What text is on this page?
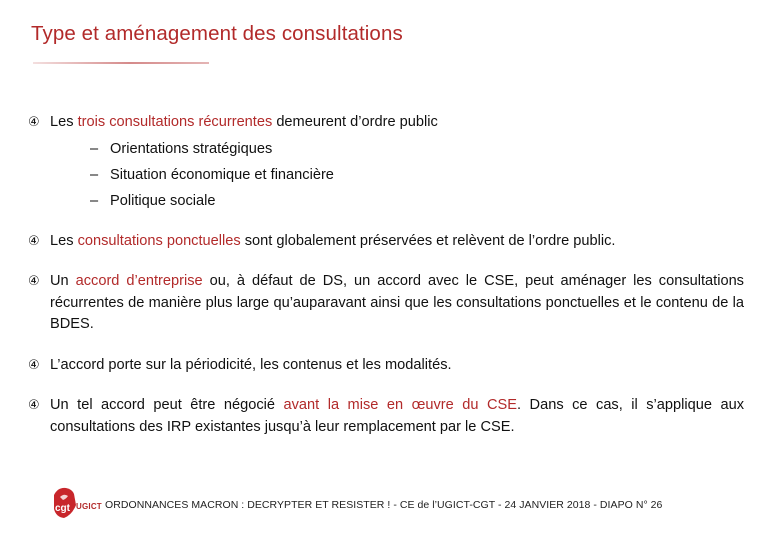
Type et aménagement des consultations
④ Les trois consultations récurrentes demeurent d’ordre public
– Orientations stratégiques
– Situation économique et financière
– Politique sociale
④ Les consultations ponctuelles sont globalement préservées et relèvent de l’ordre public.
④ Un accord d’entreprise ou, à défaut de DS, un accord avec le CSE, peut aménager les consultations récurrentes de manière plus large qu’auparavant ainsi que les consultations ponctuelles et le contenu de la BDES.
④ L’accord porte sur la périodicité, les contenus et les modalités.
④ Un tel accord peut être négocié avant la mise en œuvre du CSE. Dans ce cas, il s’applique aux consultations des IRP existantes jusqu’à leur remplacement par le CSE.
cgt UGICT ORDONNANCES MACRON : DECRYPTER ET RESISTER ! - CE de l’UGICT-CGT - 24 JANVIER 2018 - DIAPO N° 26
